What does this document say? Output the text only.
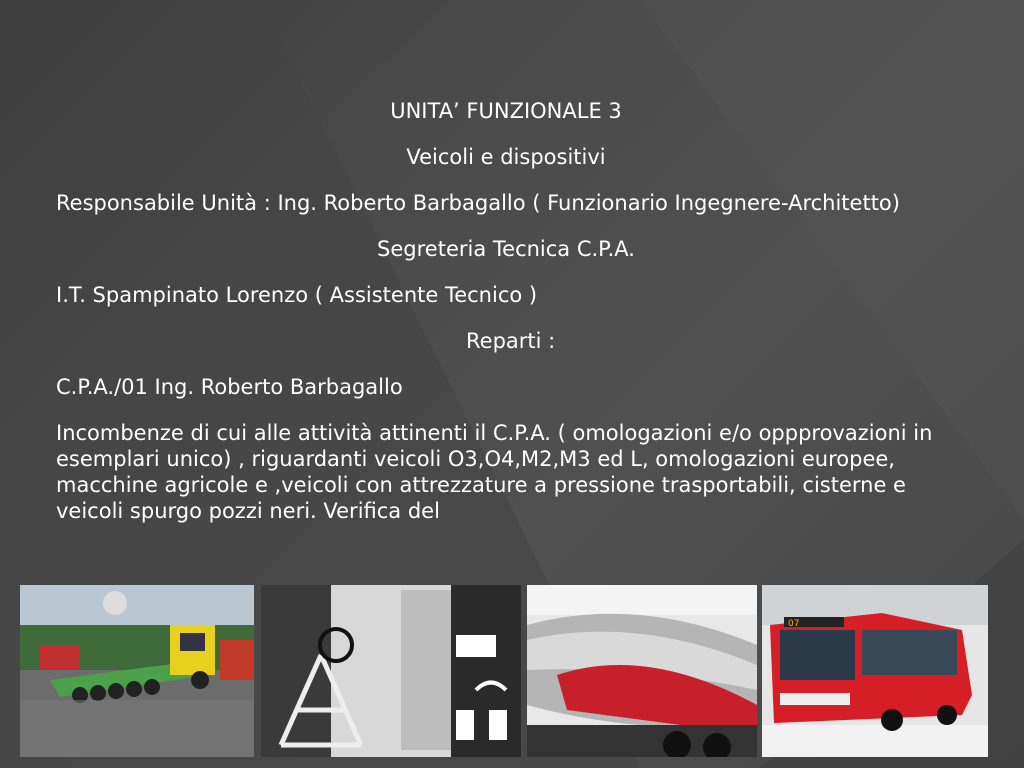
UNITA’ FUNZIONALE 3
Veicoli e dispositivi
Responsabile Unità : Ing. Roberto Barbagallo ( Funzionario Ingegnere-Architetto)
Segreteria Tecnica C.P.A.
I.T. Spampinato Lorenzo ( Assistente Tecnico )
Reparti :
C.P.A./01 Ing. Roberto Barbagallo
Incombenze di cui alle attività attinenti il C.P.A. ( omologazioni e/o oppprovazioni in esemplari unico) , riguardanti veicoli O3,O4,M2,M3 ed L, omologazioni europee, macchine agricole e ,veicoli con attrezzature a pressione trasportabili, cisterne e veicoli spurgo pozzi neri. Verifica del
07
